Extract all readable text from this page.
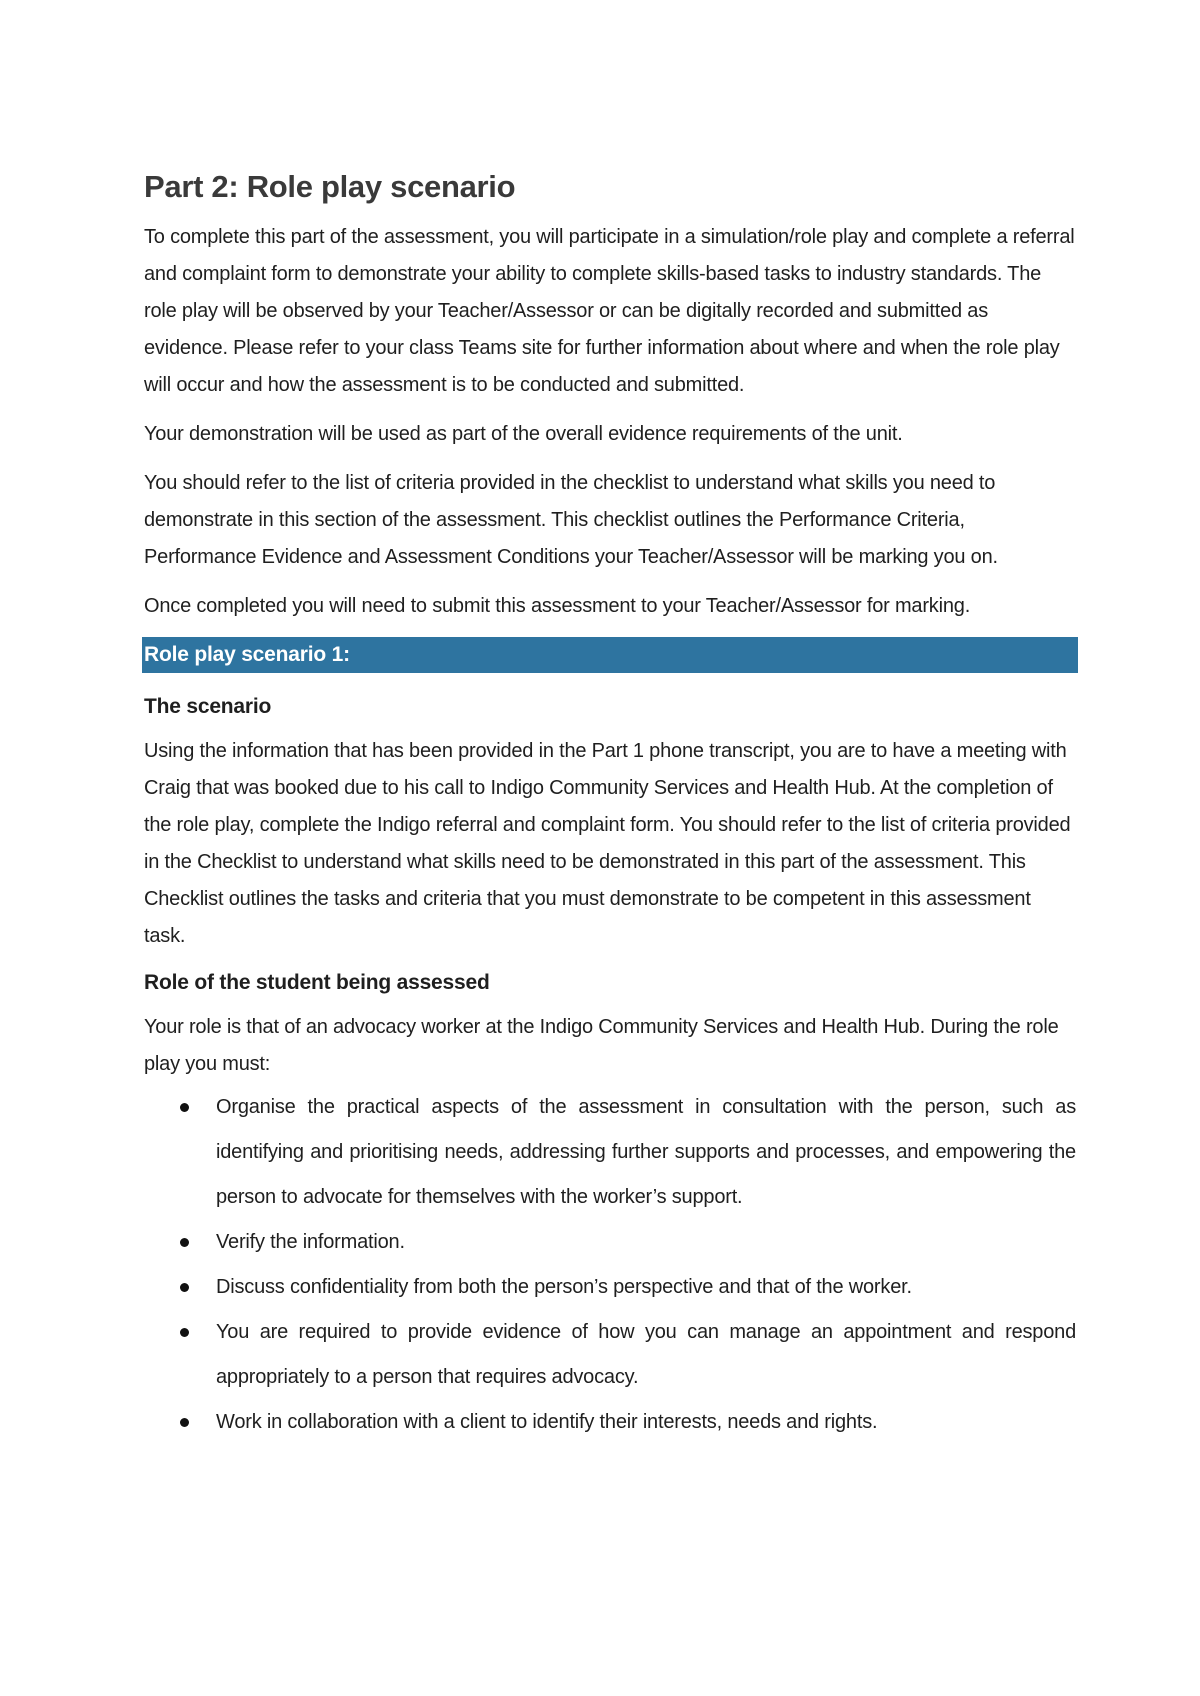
Part 2: Role play scenario

To complete this part of the assessment, you will participate in a simulation/role play and complete a referral and complaint form to demonstrate your ability to complete skills-based tasks to industry standards. The role play will be observed by your Teacher/Assessor or can be digitally recorded and submitted as evidence. Please refer to your class Teams site for further information about where and when the role play will occur and how the assessment is to be conducted and submitted.

Your demonstration will be used as part of the overall evidence requirements of the unit.

You should refer to the list of criteria provided in the checklist to understand what skills you need to demonstrate in this section of the assessment. This checklist outlines the Performance Criteria, Performance Evidence and Assessment Conditions your Teacher/Assessor will be marking you on.

Once completed you will need to submit this assessment to your Teacher/Assessor for marking.

Role play scenario 1:
The scenario

Using the information that has been provided in the Part 1 phone transcript, you are to have a meeting with Craig that was booked due to his call to Indigo Community Services and Health Hub. At the completion of the role play, complete the Indigo referral and complaint form. You should refer to the list of criteria provided in the Checklist to understand what skills need to be demonstrated in this part of the assessment. This Checklist outlines the tasks and criteria that you must demonstrate to be competent in this assessment task.

Role of the student being assessed

Your role is that of an advocacy worker at the Indigo Community Services and Health Hub. During the role play you must:

Organise the practical aspects of the assessment in consultation with the person, such as identifying and prioritising needs, addressing further supports and processes, and empowering the person to advocate for themselves with the worker’s support.
Verify the information.
Discuss confidentiality from both the person’s perspective and that of the worker.
You are required to provide evidence of how you can manage an appointment and respond appropriately to a person that requires advocacy.
Work in collaboration with a client to identify their interests, needs and rights.
